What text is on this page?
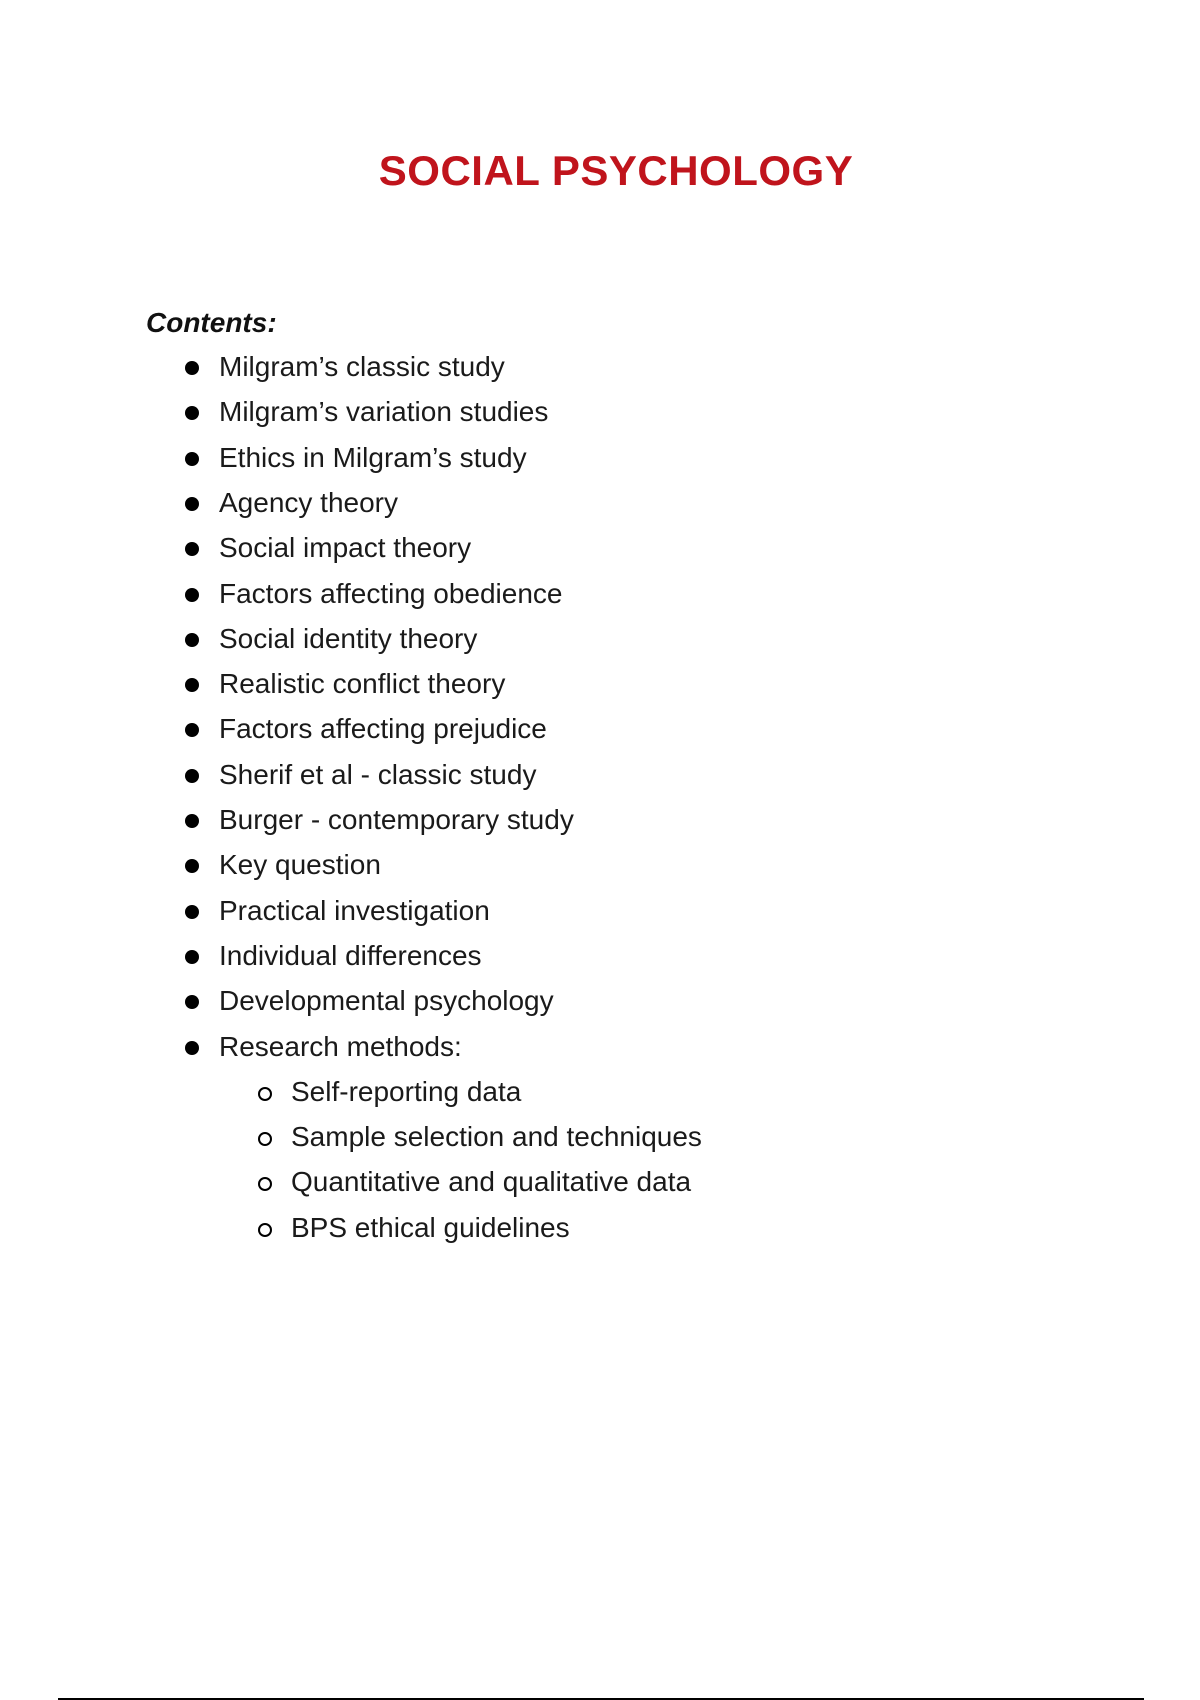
SOCIAL PSYCHOLOGY
Contents:
Milgram’s classic study
Milgram’s variation studies
Ethics in Milgram’s study
Agency theory
Social impact theory
Factors affecting obedience
Social identity theory
Realistic conflict theory
Factors affecting prejudice
Sherif et al - classic study
Burger - contemporary study
Key question
Practical investigation
Individual differences
Developmental psychology
Research methods:
Self-reporting data
Sample selection and techniques
Quantitative and qualitative data
BPS ethical guidelines
